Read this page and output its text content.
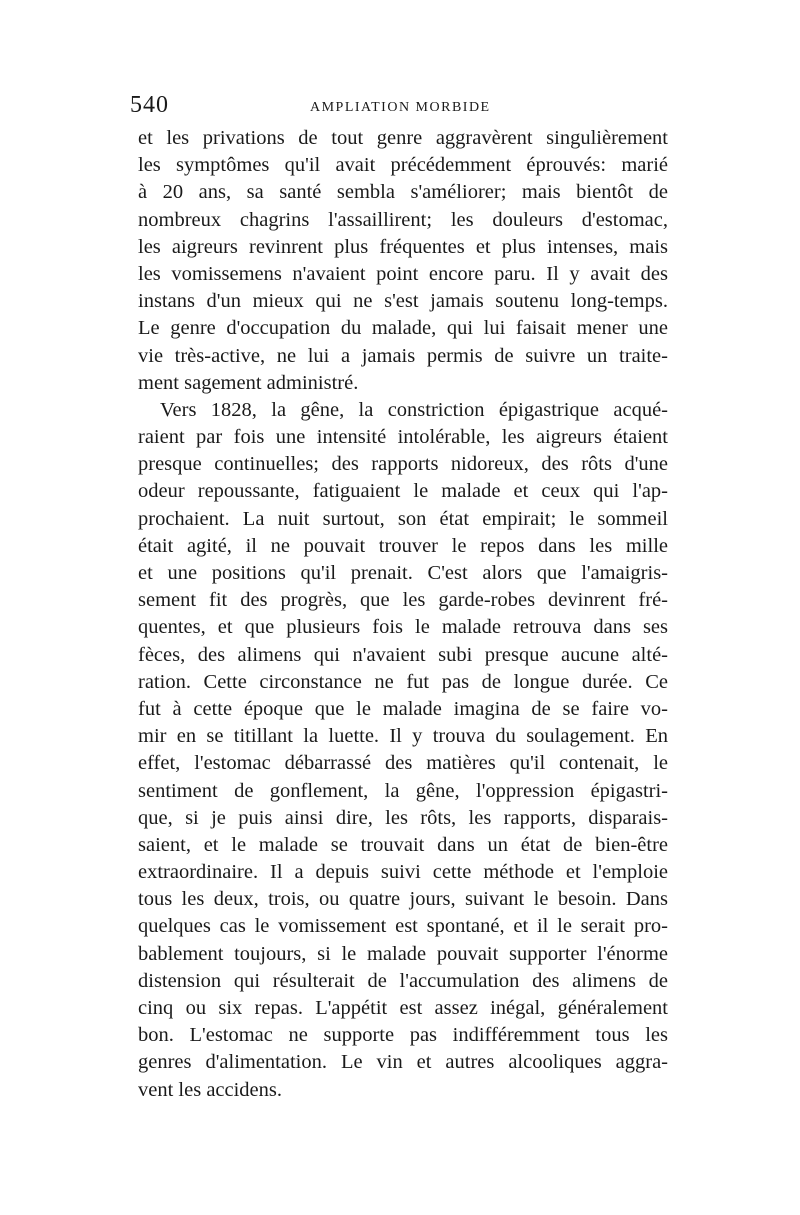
540	AMPLIATION MORBIDE
et les privations de tout genre aggravèrent singulièrement
les symptômes qu'il avait précédemment éprouvés: marié
à 20 ans, sa santé sembla s'améliorer; mais bientôt de
nombreux chagrins l'assaillirent; les douleurs d'estomac,
les aigreurs revinrent plus fréquentes et plus intenses, mais
les vomissemens n'avaient point encore paru. Il y avait des
instans d'un mieux qui ne s'est jamais soutenu long-temps.
Le genre d'occupation du malade, qui lui faisait mener une
vie très-active, ne lui a jamais permis de suivre un traite-
ment sagement administré.
Vers 1828, la gêne, la constriction épigastrique acqué-
raient par fois une intensité intolérable, les aigreurs étaient
presque continuelles; des rapports nidoreux, des rôts d'une
odeur repoussante, fatiguaient le malade et ceux qui l'ap-
prochaient. La nuit surtout, son état empirait; le sommeil
était agité, il ne pouvait trouver le repos dans les mille
et une positions qu'il prenait. C'est alors que l'amaigris-
sement fit des progrès, que les garde-robes devinrent fré-
quentes, et que plusieurs fois le malade retrouva dans ses
fèces, des alimens qui n'avaient subi presque aucune alté-
ration. Cette circonstance ne fut pas de longue durée. Ce
fut à cette époque que le malade imagina de se faire vo-
mir en se titillant la luette. Il y trouva du soulagement. En
effet, l'estomac débarrassé des matières qu'il contenait, le
sentiment de gonflement, la gêne, l'oppression épigastri-
que, si je puis ainsi dire, les rôts, les rapports, disparais-
saient, et le malade se trouvait dans un état de bien-être
extraordinaire. Il a depuis suivi cette méthode et l'emploie
tous les deux, trois, ou quatre jours, suivant le besoin. Dans
quelques cas le vomissement est spontané, et il le serait pro-
bablement toujours, si le malade pouvait supporter l'énorme
distension qui résulterait de l'accumulation des alimens de
cinq ou six repas. L'appétit est assez inégal, généralement
bon. L'estomac ne supporte pas indifféremment tous les
genres d'alimentation. Le vin et autres alcooliques aggra-
vent les accidens.
